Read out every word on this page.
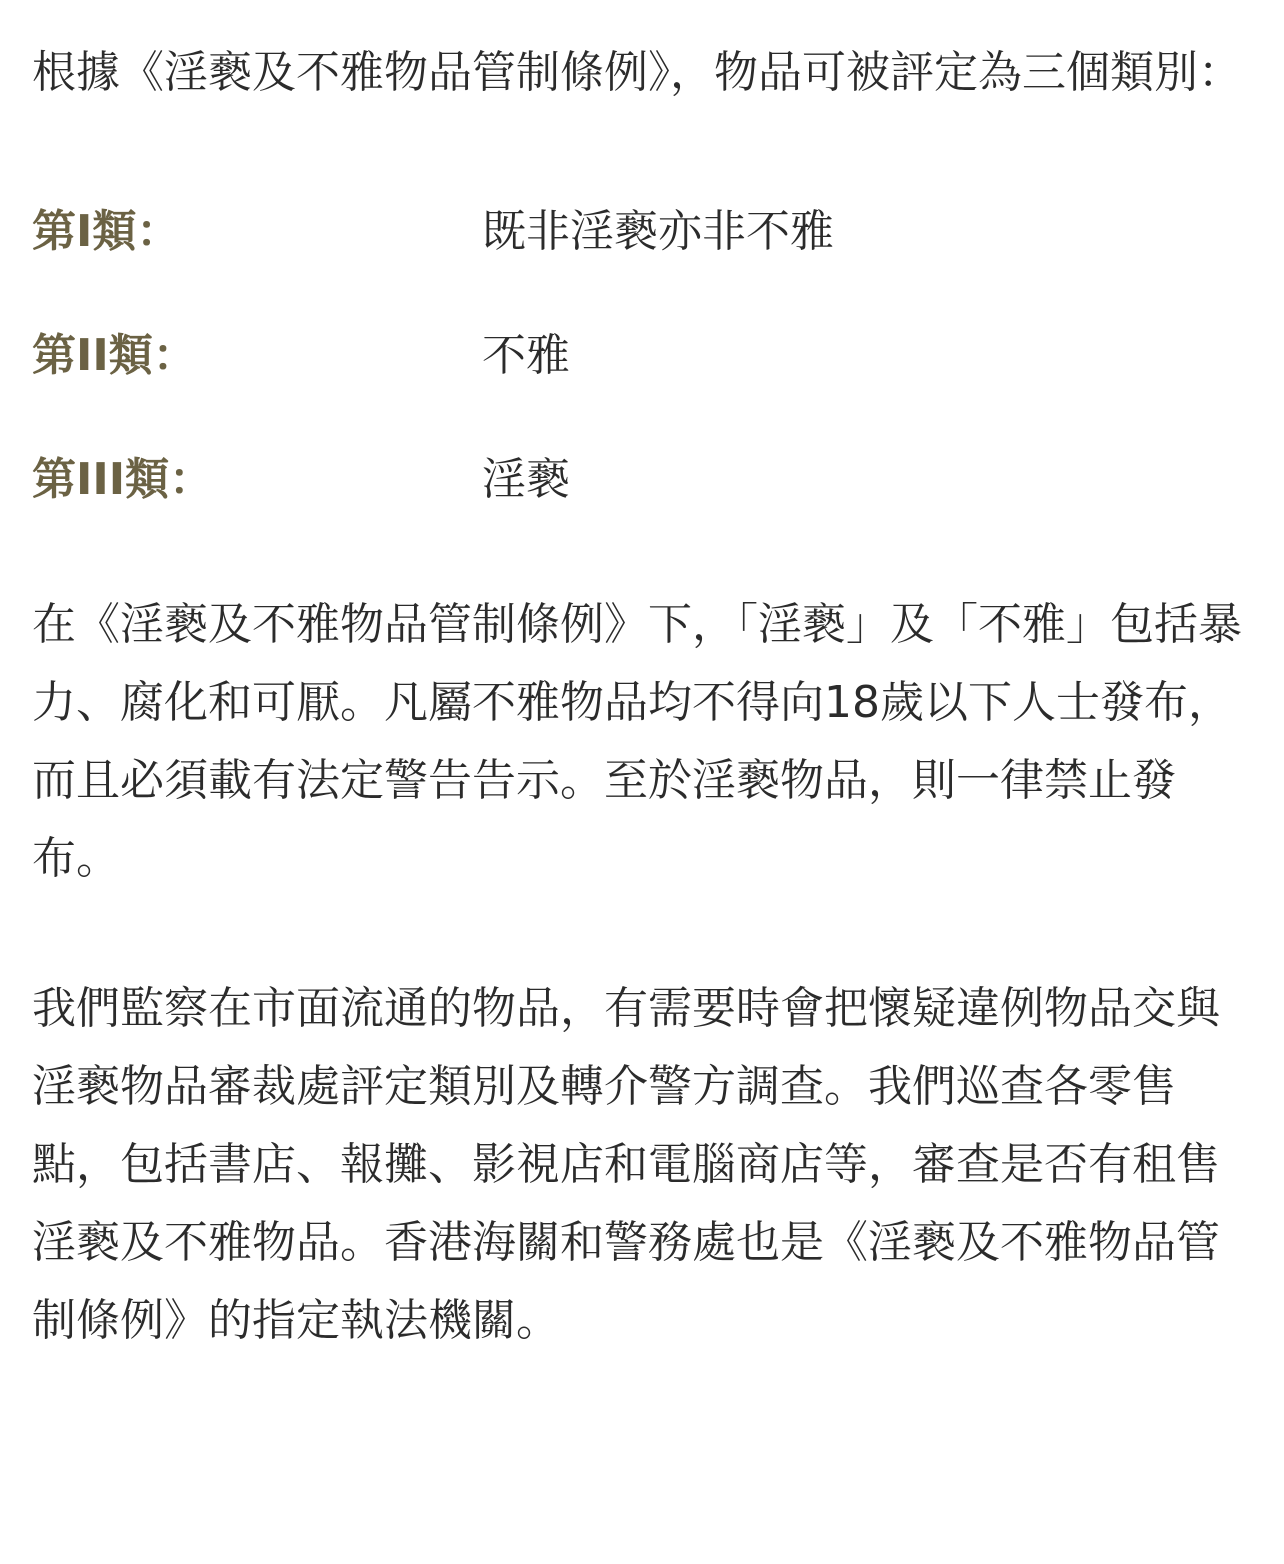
根據《淫褻及不雅物品管制條例》，物品可被評定為三個類別：

第I類：	既非淫褻亦非不雅
第II類：	不雅
第III類：	淫褻

在《淫褻及不雅物品管制條例》下，「淫褻」及「不雅」包括暴力、腐化和可厭。凡屬不雅物品均不得向18歲以下人士發布，而且必須載有法定警告告示。至於淫褻物品，則一律禁止發布。

我們監察在市面流通的物品，有需要時會把懷疑違例物品交與淫褻物品審裁處評定類別及轉介警方調查。我們巡查各零售點，包括書店、報攤、影視店和電腦商店等，審查是否有租售淫褻及不雅物品。香港海關和警務處也是《淫褻及不雅物品管制條例》的指定執法機關。
